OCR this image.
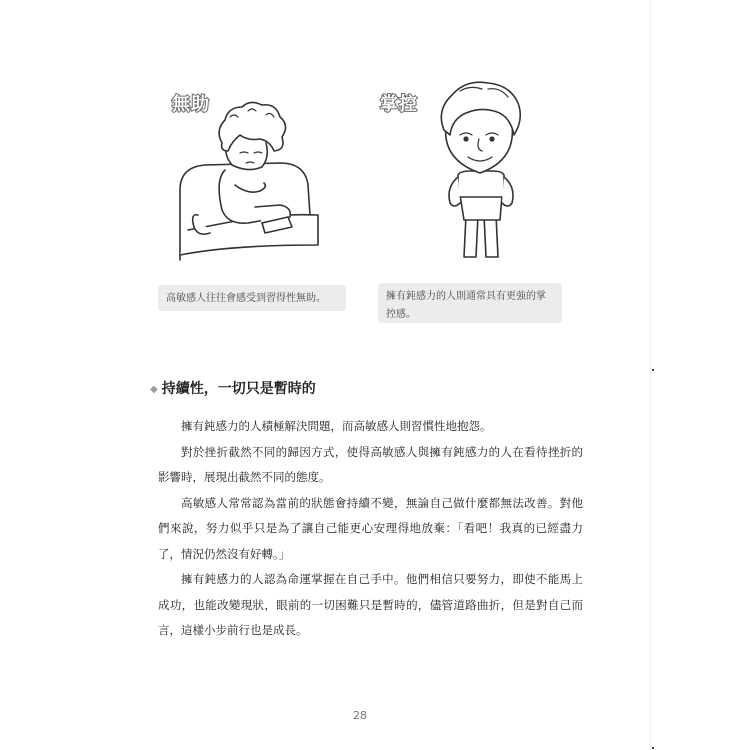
無助	掌控
高敏感人往往會感受到習得性無助。	擁有鈍感力的人則通常具有更強的掌控感。
◆ 持續性，一切只是暫時的

擁有鈍感力的人積極解決問題，而高敏感人則習慣性地抱怨。

對於挫折截然不同的歸因方式，使得高敏感人與擁有鈍感力的人在看待挫折的影響時，展現出截然不同的態度。

高敏感人常常認為當前的狀態會持續不變，無論自己做什麼都無法改善。對他們來說，努力似乎只是為了讓自己能更心安理得地放棄：「看吧！我真的已經盡力了，情況仍然沒有好轉。」

擁有鈍感力的人認為命運掌握在自己手中。他們相信只要努力，即使不能馬上成功，也能改變現狀，眼前的一切困難只是暫時的，儘管道路曲折，但是對自己而言，這樣小步前行也是成長。

28
